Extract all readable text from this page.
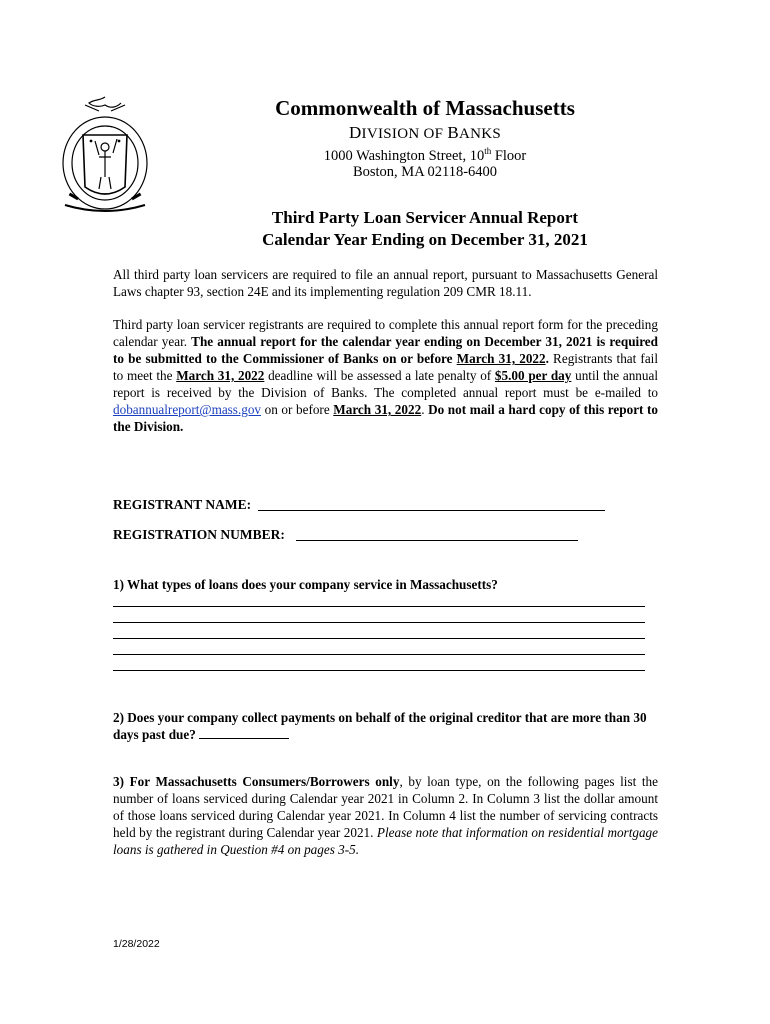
Commonwealth of Massachusetts
DIVISION OF BANKS
1000 Washington Street, 10th Floor
Boston, MA 02118-6400
Third Party Loan Servicer Annual Report
Calendar Year Ending on December 31, 2021
All third party loan servicers are required to file an annual report, pursuant to Massachusetts General Laws chapter 93, section 24E and its implementing regulation 209 CMR 18.11.
Third party loan servicer registrants are required to complete this annual report form for the preceding calendar year. The annual report for the calendar year ending on December 31, 2021 is required to be submitted to the Commissioner of Banks on or before March 31, 2022. Registrants that fail to meet the March 31, 2022 deadline will be assessed a late penalty of $5.00 per day until the annual report is received by the Division of Banks. The completed annual report must be e-mailed to dobannualreport@mass.gov on or before March 31, 2022. Do not mail a hard copy of this report to the Division.
REGISTRANT NAME:
REGISTRATION NUMBER:
1) What types of loans does your company service in Massachusetts?
2) Does your company collect payments on behalf of the original creditor that are more than 30 days past due?
3) For Massachusetts Consumers/Borrowers only, by loan type, on the following pages list the number of loans serviced during Calendar year 2021 in Column 2. In Column 3 list the dollar amount of those loans serviced during Calendar year 2021. In Column 4 list the number of servicing contracts held by the registrant during Calendar year 2021. Please note that information on residential mortgage loans is gathered in Question #4 on pages 3-5.
1/28/2022
